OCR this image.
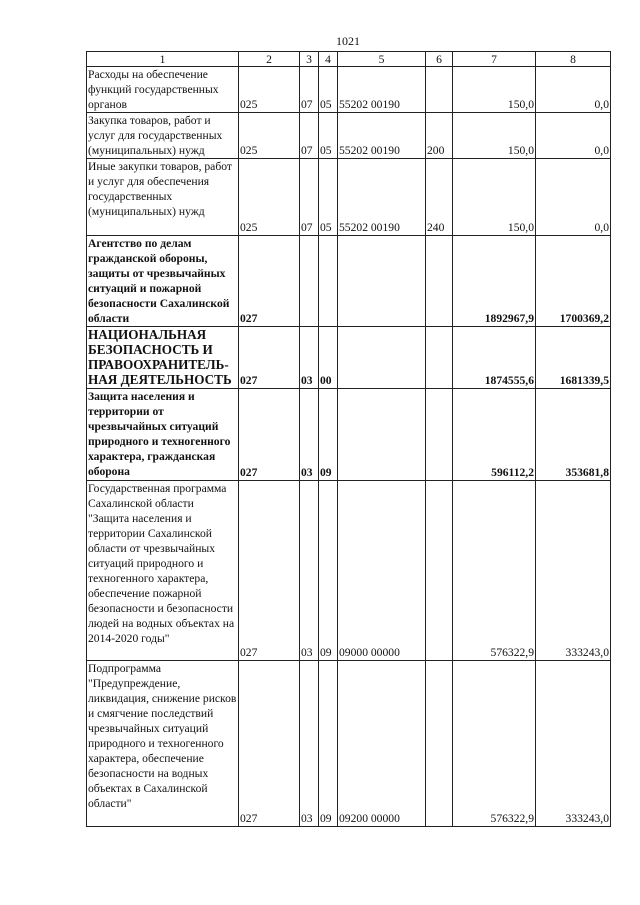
1021
1	2	3	4	5	6	7	8
Расходы на обеспечение функций государственных органов	025	07	05	55202 00190		150,0	0,0
Закупка товаров, работ и услуг для государственных (муниципальных) нужд	025	07	05	55202 00190	200	150,0	0,0
Иные закупки товаров, работ и услуг для обеспечения государственных (муниципальных) нужд	025	07	05	55202 00190	240	150,0	0,0
Агентство по делам гражданской обороны, защиты от чрезвычайных ситуаций и пожарной безопасности Сахалинской области	027					1892967,9	1700369,2
НАЦИОНАЛЬНАЯ БЕЗОПАСНОСТЬ И ПРАВООХРАНИТЕЛЬ-НАЯ ДЕЯТЕЛЬНОСТЬ	027	03	00			1874555,6	1681339,5
Защита населения и территории от чрезвычайных ситуаций природного и техногенного характера, гражданская оборона	027	03	09			596112,2	353681,8
Государственная программа Сахалинской области "Защита населения и территории Сахалинской области от чрезвычайных ситуаций природного и техногенного характера, обеспечение пожарной безопасности и безопасности людей на водных объектах на 2014-2020 годы"	027	03	09	09000 00000		576322,9	333243,0
Подпрограмма "Предупреждение, ликвидация, снижение рисков и смягчение последствий чрезвычайных ситуаций природного и техногенного характера, обеспечение безопасности на водных объектах в Сахалинской области"	027	03	09	09200 00000		576322,9	333243,0
